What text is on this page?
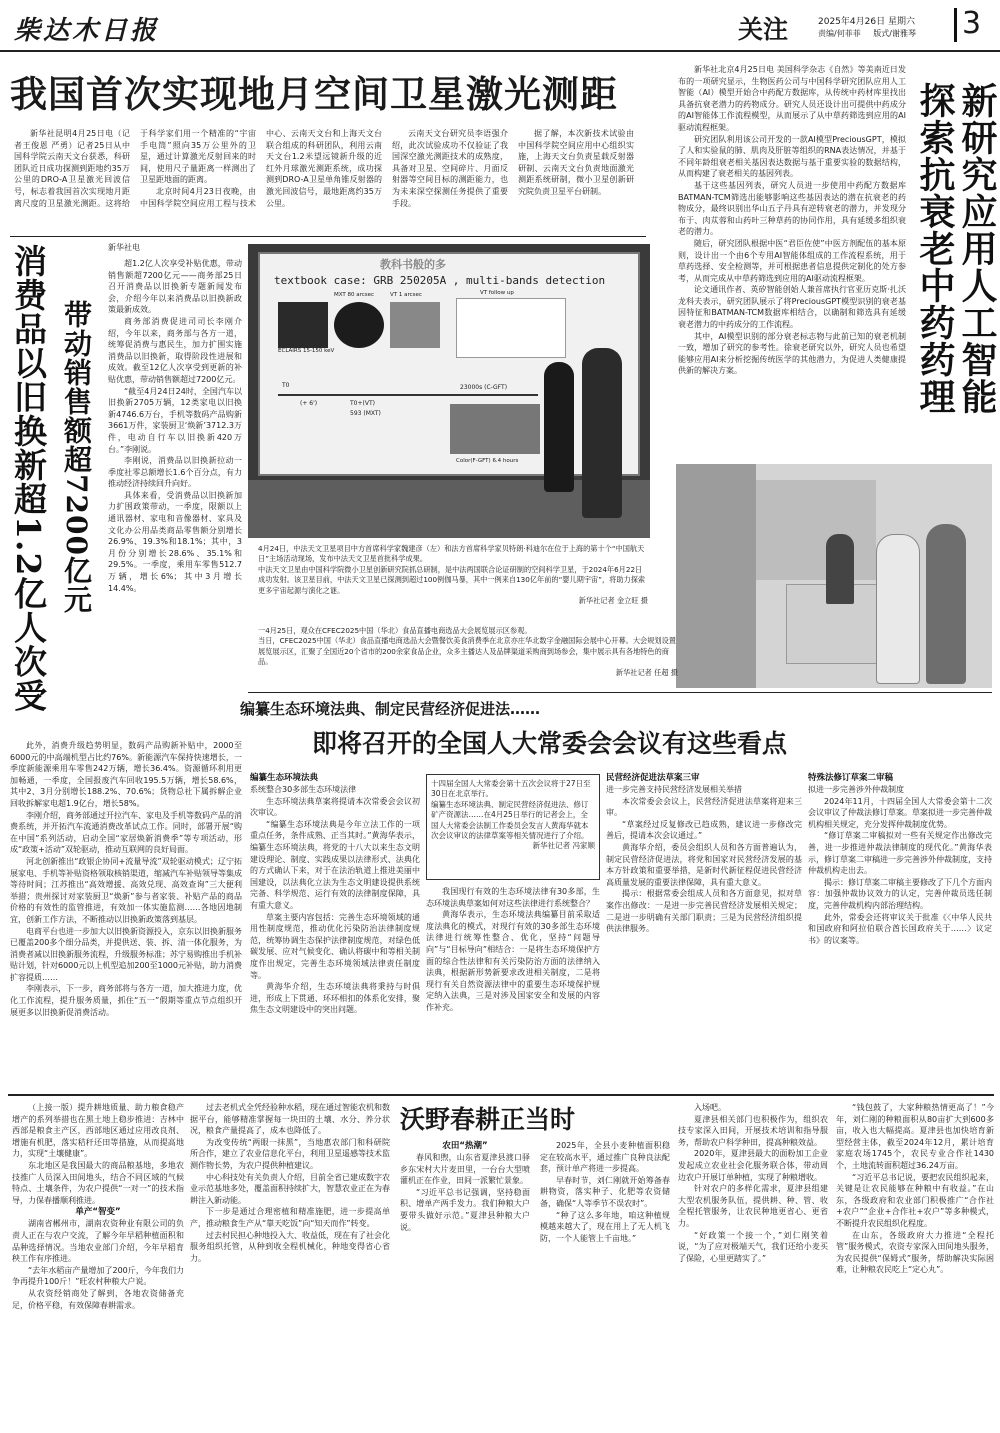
柴达木日报	关注	2025年4月26日 星期六
责编/何菲菲 版式/谢雅琴	3
我国首次实现地月空间卫星激光测距

新华社昆明4月25日电（记者王俊恩 严勇）记者25日从中国科学院云南天文台获悉，科研团队近日成功探测到距地约35万公里的DRO-A卫星激光回波信号，标志着我国首次实现地月距离尺度的卫星激光测距。这将给于科学家们用一个精准的“宇宙手电筒”照向35万公里外的卫星，通过计算激光反射回来的时间，使用尺子量距离一样测出了卫星距地面的距离。

北京时间4月23日夜晚，由中国科学院空间应用工程与技术中心、云南天文台和上海天文台联合组成的科研团队，利用云南天文台1.2米望远镜新升级的近红外月球激光测距系统，成功探测到DRO-A卫星单角锥反射器的激光回波信号，最地距离约35万公里。

云南天文台研究员李语强介绍，此次试验成功不仅验证了我国深空激光测距技术的成熟度，具备对卫星、空间碎片、月面反射器等空间目标的测距能力，也为未来深空探测任务提供了重要手段。

据了解，本次新技术试验由中国科学院空间应用中心组织实施，上海天文台负责星载反射器研制、云南天文台负责地面激光测距系统研制，微小卫星创新研究院负责卫星平台研制。

消费品以旧换新超1.2亿人次受
带动销售额超7200亿元
新华社电

超1.2亿人次享受补贴优惠，带动销售额超7200亿元——商务部25日召开消费品以旧换新专题新闻发布会，介绍今年以来消费品以旧换新政策最新成效。

商务部消费促进司司长李刚介绍，今年以来，商务部与各方一道，统筹促消费与惠民生，加力扩围实施消费品以旧换新，取得阶段性进展和成效。截至12亿人次享受到更新的补贴优惠，带动销售额超过7200亿元。

“截至4月24日24时，全国汽车以旧换新2705万辆，12类家电以旧换新4746.6万台，手机等数码产品购新3661万件，家装厨卫‘焕新’3712.3万件，电动自行车以旧换新420万台。”李刚说。

李刚说，消费品以旧换新拉动一季度社零总额增长1.6个百分点，有力推动经济持续回升向好。

具体来看，受消费品以旧换新加力扩围政策带动，一季度，限额以上通讯器材、家电和音像器材、家具及文化办公用品类商品零售额分别增长26.9%、19.3%和18.1%；其中，3月份分别增长28.6%、35.1%和29.5%。一季度，乘用车零售512.7万辆，增长6%；其中3月增长14.4%。

此外，消费升级趋势明显，数码产品购新补贴中，2000至6000元的中高端机型占比约76%。新能源汽车保持快速增长，一季度新能源乘用车零售242万辆，增长36.4%。资源循环利用更加畅通，一季度，全国报废汽车回收195.5万辆，增长58.6%，其中2、3月分别增长188.2%、70.6%；货物总社下属拆解企业回收拆解家电超1.9亿台，增长58%。

李刚介绍，商务部通过开拉汽车、家电及手机等数码产品的消费系统，并开拓汽车流通消费改革试点工作。同时，部署开展“购在中国”系列活动，启动全国“家居焕新消费季”等专项活动，形成“政策+活动”双轮驱动，推动互联网的良好局面。

河北创新推出“政银企协同+流量导流”双轮驱动模式；辽宁拓展家电、手机等补贴资格领取核销渠道，缩减汽车补贴领导等集成等待时间；江苏推出“高效增援、高效兑现、高效查询”三大便利举措；贵州探讨对家装厨卫“焕新”参与者家装、补贴产品的商品价格的有效性的监管推进，有效加一体实施监测……各地因地制宜，创新工作方法，不断推动以旧换新政策落到基层。

电商平台也进一步加大以旧换新资源投入，京东以旧换新服务已覆盖200多个细分品类，并提供送、装、拆、清一体化服务，为消费者减以旧换新服务流程，升级服务标准；苏宁易购推出手机补贴计划，针对6000元以上机型追加200至1000元补贴，助力消费扩容提质……

李刚表示，下一步，商务部将与各方一道，加大推进力度，优化工作流程，提升服务质量，抓住“五一”假期等重点节点组织开展更多以旧换新促消费活动。

教科书般的多
textbook case: GRB 250205A , multi-bands detection
ECLAIRS 15-150 keV
MXT 80 arcsec	VT 1 arcsec	VT follow up
T0
(+ 6')	T0+(VT)
593 (MXT)
23000s (C-GFT)
Color(F-GFT) 6.4 hours
4月24日，中法天文卫星项目中方首席科学家魏建彦（左）和法方首席科学家贝特朗·科迪尔在位于上海的第十个“中国航天日”主场活动现场，发布中法天文卫星首批科学成果。
中法天文卫星由中国科学院微小卫星创新研究院抓总研制，是中法两国联合论证研制的空间科学卫星，于2024年6月22日成功发射。该卫星目前，中法天文卫星已探测到超过100例伽马暴，其中一例来自130亿年前的“婴儿期宇宙”，将助力探索更多宇宙起源与演化之谜。
新华社记者 金立旺 摄

新华社北京4月25日电 美国科学杂志《自然》等美南近日发布的一项研究显示，生物医药公司与中国科学研究团队应用人工智能（AI）模型开始合中药配方数据库，从传统中药材库里找出具备抗衰老潜力的药物成分。研究人员还设计出可提供中药成分的AI智能体工作流程模型，从而展示了从中草药筛选到应用的AI驱动流程框架。

研究团队利用该公司开发的一款AI模型PreciousGPT，模拟了人和实验鼠的肺、肌肉及肝脏等组织的RNA表达情况，并基于不同年龄组衰老相关基因表达数据与基于重要实验的数据结构，从而构建了衰老相关的基因列表。

基于这些基因列表，研究人员进一步使用中药配方数据库BATMAN-TCM筛选出能够影响这些基因表达的潜在抗衰老的药物成分，最终识别出华山五子丹具有逆转衰老的潜力，并发现分布于、肉苁蓉和山药叶三种草药的协同作用，具有延缓多组织衰老的潜力。

随后，研究团队根据中医“君臣佐使”中医方剂配伍的基本原则，设计出一个由6个专用AI智能体组成的工作流程系统，用于草药选择、安全检测等，并可根据患者信息提供定制化的处方参考，从而完成从中草药筛选到应用的AI驱动流程框架。

论文通讯作者、英矽智能创始人兼首席执行官亚历克斯·扎沃龙科夫表示，研究团队展示了将PreciousGPT模型识别的衰老基因特征和BATMAN-TCM数据库相结合，以确制和筛选具有延缓衰老潜力的中药成分的工作流程。

其中，AI模型识别的部分衰老标志物与此前已知的衰老机制一致，增加了研究的参考性。徐衰老研究以外，研究人员也希望能够应用AI来分析挖掘传统医学的其他潜力，为促进人类健康提供新的解决方案。	新研究应用人工智能探索抗衰老中药药理
一4月25日，观众在CFEC2025中国（华北）食品直播电商选品大会展览展示区参观。
当日，CFEC2025中国（华北）食品直播电商选品大会暨餐饮美食消费季在北京亦庄华北数字金融国际会展中心开幕。大会规划设置展览展示区，汇聚了全国近20个省市的200余家食品企业，众多主播达人及品牌渠道采购商到场参会，集中展示具有各地特色的商品。
新华社记者 任超 摄
编纂生态环境法典、制定民营经济促进法……
即将召开的全国人大常委会会议有这些看点
编纂生态环境法典
系统整合30多部生态环境法律

生态环境法典草案将提请本次常委会会议初次审议。

“编纂生态环境法典是今年立法工作的一项重点任务，条件成熟、正当其时。”黄海华表示，编纂生态环境法典，将党的十八大以来生态文明建设理论、制度、实践成果以法律形式、法典化的方式确认下来，对于在法治轨道上推进美丽中国建设，以法典化立法为生态文明建设提供系统完备、科学规范、运行有效的法律制度保障，具有重大意义。

草案主要内容包括：完善生态环境领域的通用性制度规范，推动优化污染防治法律制度规范，统筹协调生态保护法律制度规范，对绿色低碳发展、应对气候变化、确认将碳中和等相关制度作出规定，完善生态环境领域法律责任制度等。

黄海华介绍，生态环境法典将秉持与时俱进，形成上下贯通、环环相扣的体系化安排，聚焦生态文明建设中的突出问题。

十四届全国人大常委会第十五次会议将于27日至30日在北京举行。
编纂生态环境法典、制定民营经济促进法、修订矿产资源法……在4月25日举行的记者会上，全国人大常委会法制工作委员会发言人黄海华就本次会议审议的法律草案等相关情况进行了介绍。
新华社记者 冯家顺

我国现行有效的生态环境法律有30多部，生态环境法典草案如何对这些法律进行系统整合？

黄海华表示，生态环境法典编纂目前采取适度法典化的模式，对现行有效的30多部生态环境法律进行统筹性整合、优化，坚持“问题导向”与“目标导向”相结合：一是将生态环境保护方面的综合性法律和有关污染防治方面的法律纳入法典，根据新形势新要求改进相关制度，二是将现行有关自然资源法律中的重要生态环境保护规定纳入法典，三是对涉及国家安全和发展的内容作补充。

民营经济促进法草案三审
进一步完善支持民营经济发展相关举措

本次常委会会议上，民营经济促进法草案将迎来三审。

“草案经过反复修改已趋成熟，建议进一步修改完善后，提请本次会议通过。”

黄海华介绍，委员会组织人员和各方面普遍认为，制定民营经济促进法，将党和国家对民营经济发展的基本方针政策和重要举措，是新时代新征程促进民营经济高质量发展的重要法律保障，具有重大意义。

揭示：根据常委会组成人员和各方面意见，拟对草案作出修改：一是进一步完善民营经济发展相关规定；二是进一步明确有关部门职责；三是为民营经济组织提供法律服务。

特殊法修订草案二审稿
拟进一步完善涉外仲裁制度

2024年11月，十四届全国人大常委会第十二次会议审议了仲裁法修订草案。草案拟进一步完善仲裁机构相关规定，充分发挥仲裁制度优势。

“修订草案二审稿拟对一些有关规定作出修改完善，进一步推进仲裁法律制度的现代化。”黄海华表示，修订草案二审稿进一步完善涉外仲裁制度，支持仲裁机构走出去。

揭示：修订草案二审稿主要修改了下几个方面内容：加强仲裁协议效力的认定，完善仲裁员选任制度，完善仲裁机构内部治理结构。

此外，常委会还将审议关于批准《〈中华人民共和国政府和阿拉伯联合酋长国政府关于……〉议定书》的议案等。

沃野春耕正当时

（上接一版）提升耕地质量、助力粮食稳产增产的系列举措也在黑土地上稳步推进：吉林中西部是粮食主产区，西部地区通过应用改良剂、增施有机肥，落实秸秆还田等措施，从而提高地力，实现“土壤健康”。

东北地区是我国最大的商品粮基地，多地农技推广人员深入田间地头，结合不同区域的气候特点、土壤条件，为农户提供“一对一”的技术指导，力保春播顺利推进。

单产“智变”

湖南省郴州市，湖南农资种业有限公司的负责人正在与农户交流，了解今年早稻种植面积和品种选择情况。当地农业部门介绍，今年早稻育秧工作有序推进。

“去年水稻亩产量增加了200斤，今年我们力争再提升100斤！”旺农村种粮大户说。

从农资经销商处了解到，各地农资储备充足，价格平稳，有效保障春耕需求。

过去老机式全凭经验种水稻，现在通过智能农机和数据平台，能够精准掌握每一块田的土壤、水分、养分状况，粮食产量提高了，成本也降低了。

为改变传统“两眼一抹黑”，当地惠农部门和科研院所合作，建立了农业信息化平台，利用卫星遥感等技术监测作物长势，为农户提供种植建议。

中心科技处有关负责人介绍，目前全省已建成数字农业示范基地多处，覆盖面积持续扩大，智慧农业正在为春耕注入新动能。

下一步是通过合理密植和精准施肥，进一步提高单产，推动粮食生产从“靠天吃饭”向“知天而作”转变。

过去村民担心种地投入大、收益低，现在有了社会化服务组织托管，从种到收全程机械化，种地变得省心省力。

农田“热潮”

春风和煦，山东省夏津县渡口驿乡东宋村大片麦田里，一台台大型喷灌机正在作业，田间一派繁忙景象。

“习近平总书记强调，坚持稳面积、增单产两手发力。我们种粮大户要带头做好示范。”夏津县种粮大户说。

2025年，全县小麦种植面积稳定在较高水平，通过推广良种良法配套，预计单产将进一步提高。

早春时节，刘仁刚就开始筹备春耕物资，落实种子、化肥等农资储备，确保“人等季节不误农时”。

“种了这么多年地，咱这种植规模越来越大了，现在用上了无人机飞防，一个人能管上千亩地。”

入场吧。

夏津县相关部门也积极作为，组织农技专家深入田间，开展技术培训和指导服务，帮助农户科学种田，提高种粮效益。

2020年，夏津县最大的面粉加工企业发起成立农业社会化服务联合体，带动周边农户开展订单种植，实现了种粮增收。

针对农户的多样化需求，夏津县组建大型农机服务队伍，提供耕、种、管、收全程托管服务，让农民种地更省心、更省力。

“好政策一个接一个，”刘仁刚笑着说，“为了应对极端天气，我们还给小麦买了保险，心里更踏实了。”

“钱包鼓了，大家种粮热情更高了！”今年，刘仁刚的种粮面积从80亩扩大到600多亩，收入也大幅提高。夏津县也加快培育新型经营主体，截至2024年12月，累计培育家庭农场1745个，农民专业合作社1430个，土地流转面积超过36.24万亩。

“习近平总书记说，要把农民组织起来，关键是让农民能够在种粮中有收益。”在山东，各级政府和农业部门积极推广“合作社+农户”“企业+合作社+农户”等多种模式，不断提升农民组织化程度。

在山东，各级政府大力推进“全程托管”服务模式，农资专家深入田间地头服务，为农民提供“保姆式”服务，帮助解决实际困难，让种粮农民吃上“定心丸”。
